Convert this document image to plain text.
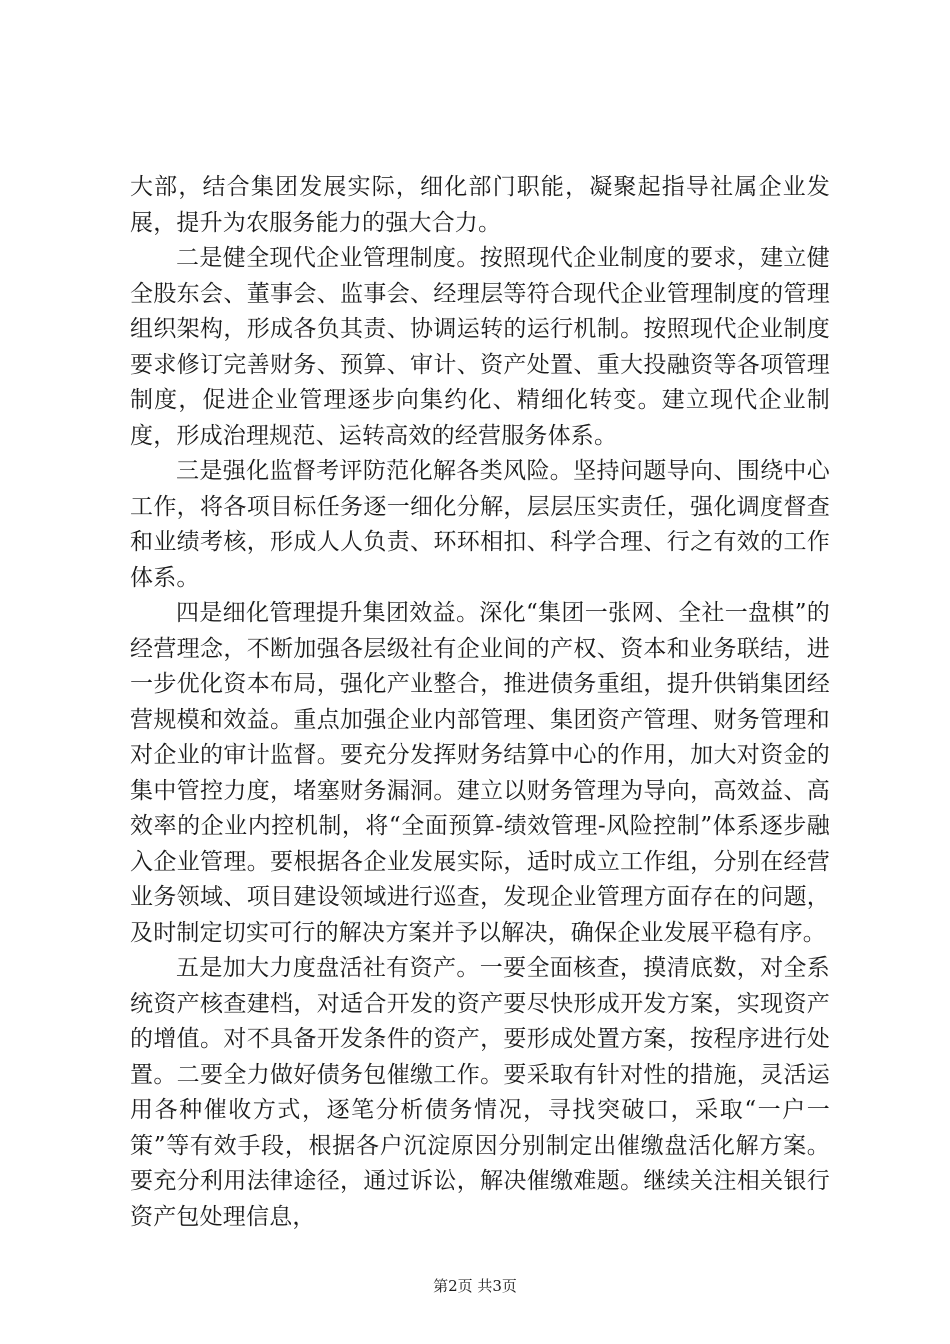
大部，结合集团发展实际，细化部门职能，凝聚起指导社属企业发展，提升为农服务能力的强大合力。

二是健全现代企业管理制度。按照现代企业制度的要求，建立健全股东会、董事会、监事会、经理层等符合现代企业管理制度的管理组织架构，形成各负其责、协调运转的运行机制。按照现代企业制度要求修订完善财务、预算、审计、资产处置、重大投融资等各项管理制度，促进企业管理逐步向集约化、精细化转变。建立现代企业制度，形成治理规范、运转高效的经营服务体系。

三是强化监督考评防范化解各类风险。坚持问题导向、围绕中心工作，将各项目标任务逐一细化分解，层层压实责任，强化调度督查和业绩考核，形成人人负责、环环相扣、科学合理、行之有效的工作体系。

四是细化管理提升集团效益。深化“集团一张网、全社一盘棋”的经营理念，不断加强各层级社有企业间的产权、资本和业务联结，进一步优化资本布局，强化产业整合，推进债务重组，提升供销集团经营规模和效益。重点加强企业内部管理、集团资产管理、财务管理和对企业的审计监督。要充分发挥财务结算中心的作用，加大对资金的集中管控力度，堵塞财务漏洞。建立以财务管理为导向，高效益、高效率的企业内控机制，将“全面预算-绩效管理-风险控制”体系逐步融入企业管理。要根据各企业发展实际，适时成立工作组，分别在经营业务领域、项目建设领域进行巡查，发现企业管理方面存在的问题，及时制定切实可行的解决方案并予以解决，确保企业发展平稳有序。

五是加大力度盘活社有资产。一要全面核查，摸清底数，对全系统资产核查建档，对适合开发的资产要尽快形成开发方案，实现资产的增值。对不具备开发条件的资产，要形成处置方案，按程序进行处置。二要全力做好债务包催缴工作。要采取有针对性的措施，灵活运用各种催收方式，逐笔分析债务情况，寻找突破口，采取“一户一策”等有效手段，根据各户沉淀原因分别制定出催缴盘活化解方案。要充分利用法律途径，通过诉讼，解决催缴难题。继续关注相关银行资产包处理信息，

第2页 共3页
